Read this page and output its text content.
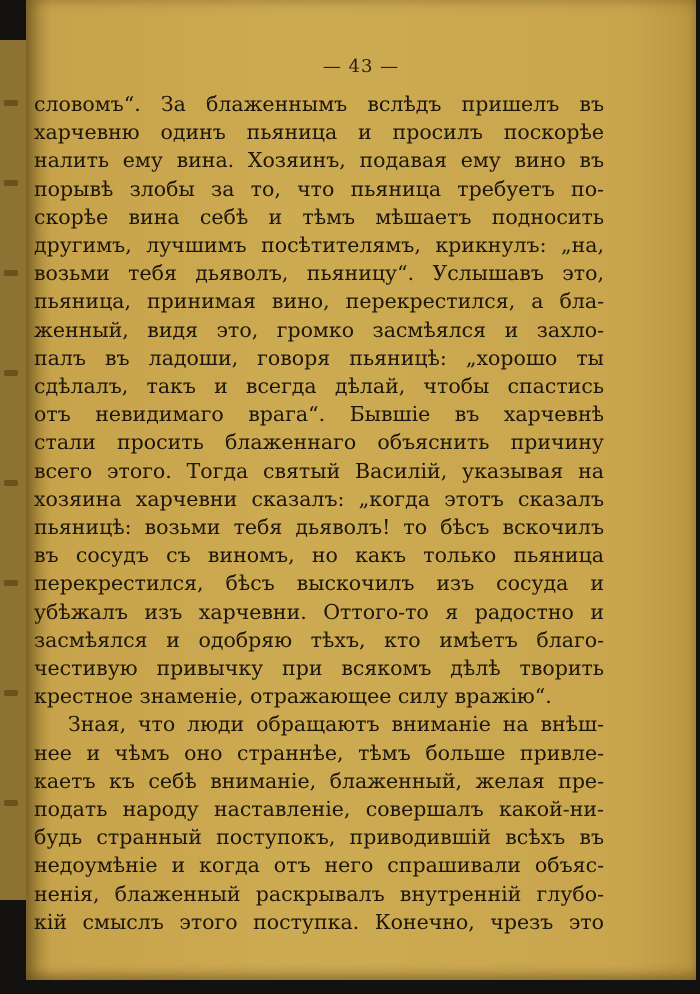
— 43 —
словомъ“. За блаженнымъ вслѣдъ пришелъ въ
харчевню одинъ пьяница и просилъ поскорѣе
налить ему вина. Хозяинъ, подавая ему вино въ
порывѣ злобы за то, что пьяница требуетъ по-
скорѣе вина себѣ и тѣмъ мѣшаетъ подносить
другимъ, лучшимъ посѣтителямъ, крикнулъ: „на,
возьми тебя дьяволъ, пьяницу“. Услышавъ это,
пьяница, принимая вино, перекрестился, а бла-
женный, видя это, громко засмѣялся и захло-
палъ въ ладоши, говоря пьяницѣ: „хорошо ты
сдѣлалъ, такъ и всегда дѣлай, чтобы спастись
отъ невидимаго врага“. Бывшіе въ харчевнѣ
стали просить блаженнаго объяснить причину
всего этого. Тогда святый Василій, указывая на
хозяина харчевни сказалъ: „когда этотъ сказалъ
пьяницѣ: возьми тебя дьяволъ! то бѣсъ вскочилъ
въ сосудъ съ виномъ, но какъ только пьяница
перекрестился, бѣсъ выскочилъ изъ сосуда и
убѣжалъ изъ харчевни. Оттого-то я радостно и
засмѣялся и одобряю тѣхъ, кто имѣетъ благо-
честивую привычку при всякомъ дѣлѣ творить
крестное знаменіе, отражающее силу вражію“.
Зная, что люди обращаютъ вниманіе на внѣш-
нее и чѣмъ оно страннѣе, тѣмъ больше привле-
каетъ къ себѣ вниманіе, блаженный, желая пре-
подать народу наставленіе, совершалъ какой-ни-
будь странный поступокъ, приводившій всѣхъ въ
недоумѣніе и когда отъ него спрашивали объяс-
ненія, блаженный раскрывалъ внутренній глубо-
кій смыслъ этого поступка. Конечно, чрезъ это
